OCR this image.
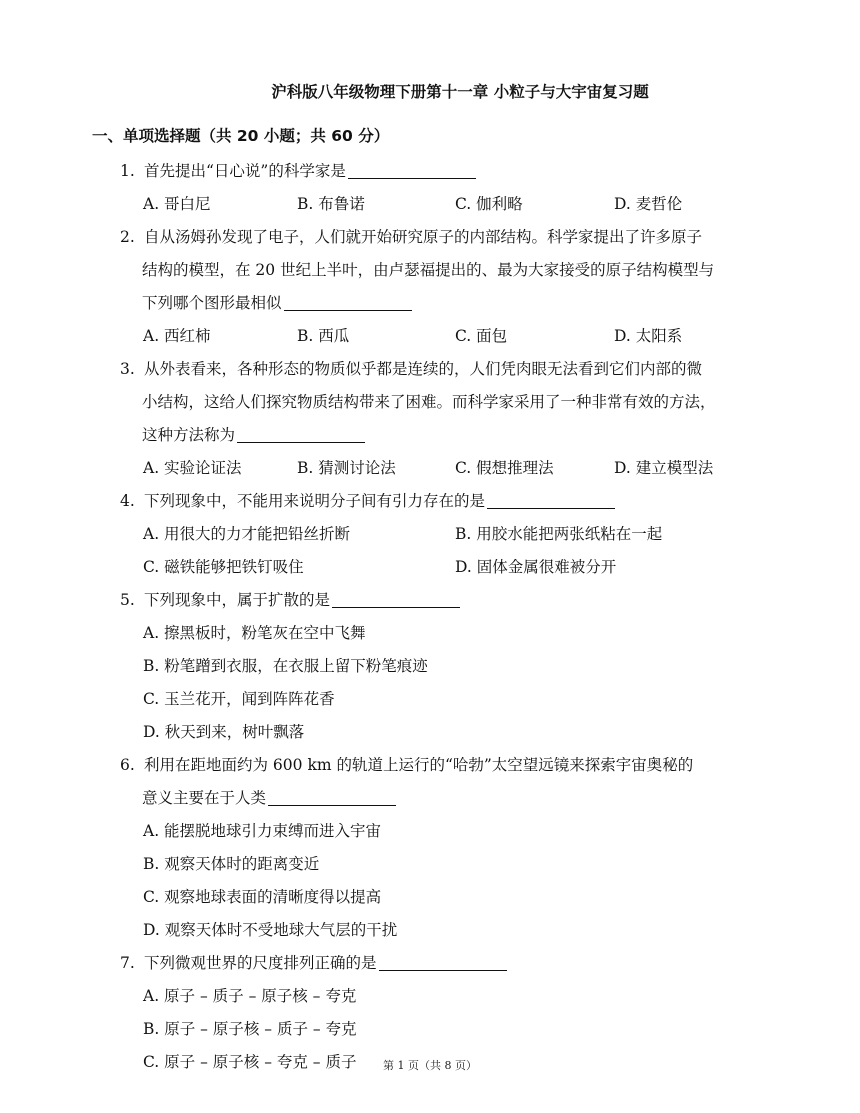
沪科版八年级物理下册第十一章 小粒子与大宇宙复习题
一、单项选择题（共 20 小题；共 60 分）
1. 首先提出“日心说”的科学家是
A. 哥白尼	B. 布鲁诺	C. 伽利略	D. 麦哲伦
2. 自从汤姆孙发现了电子，人们就开始研究原子的内部结构。科学家提出了许多原子
结构的模型，在 20 世纪上半叶，由卢瑟福提出的、最为大家接受的原子结构模型与
下列哪个图形最相似
A. 西红柿	B. 西瓜	C. 面包	D. 太阳系
3. 从外表看来，各种形态的物质似乎都是连续的，人们凭肉眼无法看到它们内部的微
小结构，这给人们探究物质结构带来了困难。而科学家采用了一种非常有效的方法，
这种方法称为
A. 实验论证法	B. 猜测讨论法	C. 假想推理法	D. 建立模型法
4. 下列现象中，不能用来说明分子间有引力存在的是
A. 用很大的力才能把铅丝折断	B. 用胶水能把两张纸粘在一起
C. 磁铁能够把铁钉吸住	D. 固体金属很难被分开
5. 下列现象中，属于扩散的是
A. 擦黑板时，粉笔灰在空中飞舞
B. 粉笔蹭到衣服，在衣服上留下粉笔痕迹
C. 玉兰花开，闻到阵阵花香
D. 秋天到来，树叶飘落
6. 利用在距地面约为 600 km 的轨道上运行的“哈勃”太空望远镜来探索宇宙奥秘的
意义主要在于人类
A. 能摆脱地球引力束缚而进入宇宙
B. 观察天体时的距离变近
C. 观察地球表面的清晰度得以提高
D. 观察天体时不受地球大气层的干扰
7. 下列微观世界的尺度排列正确的是
A. 原子 – 质子 – 原子核 – 夸克
B. 原子 – 原子核 – 质子 – 夸克
C. 原子 – 原子核 – 夸克 – 质子	第 1 页（共 8 页）
